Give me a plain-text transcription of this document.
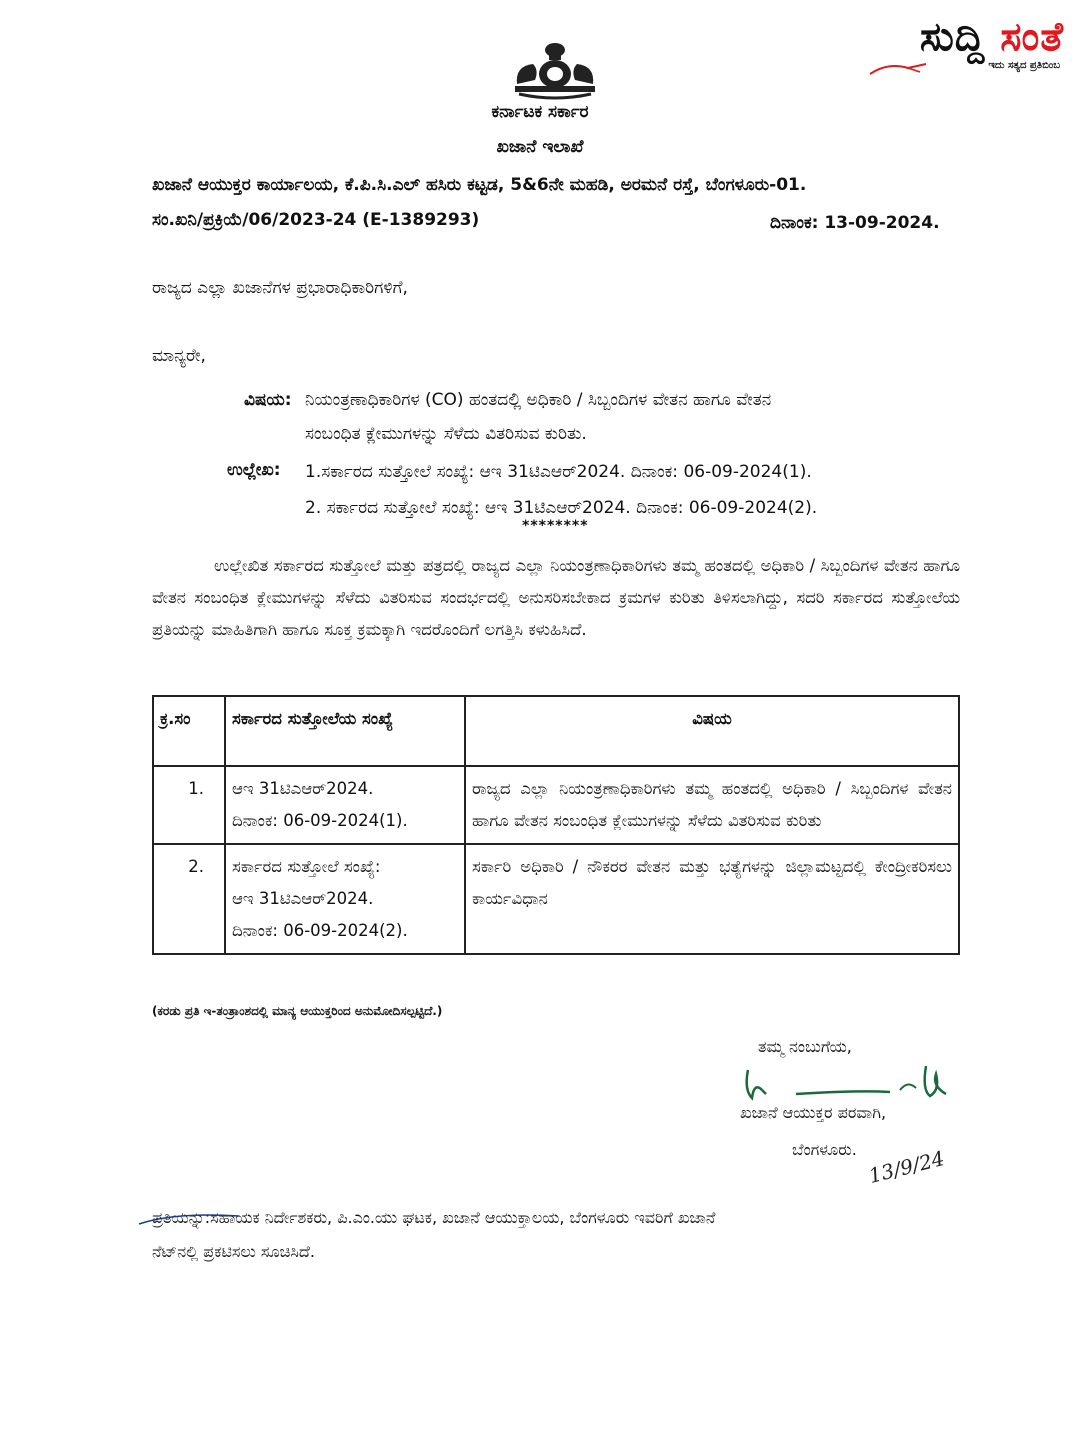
ಸುದ್ದಿ ಸಂತೆ
ಇದು ಸತ್ಯದ ಪ್ರತಿಬಿಂಬ
ಕರ್ನಾಟಕ ಸರ್ಕಾರ
ಖಜಾನೆ ಇಲಾಖೆ
ಖಜಾನೆ ಆಯುಕ್ತರ ಕಾರ್ಯಾಲಯ, ಕೆ.ಪಿ.ಸಿ.ಎಲ್ ಹಸಿರು ಕಟ್ಟಡ, 5&6ನೇ ಮಹಡಿ, ಅರಮನೆ ರಸ್ತೆ, ಬೆಂಗಳೂರು-01.
ಸಂ.ಖನಿ/ಪ್ರಕ್ರಿಯೆ/06/2023-24 (E-1389293)	ದಿನಾಂಕ: 13-09-2024.
ರಾಜ್ಯದ ಎಲ್ಲಾ ಖಜಾನೆಗಳ ಪ್ರಭಾರಾಧಿಕಾರಿಗಳಿಗೆ,
ಮಾನ್ಯರೇ,
ವಿಷಯ: ನಿಯಂತ್ರಣಾಧಿಕಾರಿಗಳ (CO) ಹಂತದಲ್ಲಿ ಅಧಿಕಾರಿ / ಸಿಬ್ಬಂದಿಗಳ ವೇತನ ಹಾಗೂ ವೇತನ
ಸಂಬಂಧಿತ ಕ್ಲೇಮುಗಳನ್ನು ಸೆಳೆದು ವಿತರಿಸುವ ಕುರಿತು.
ಉಲ್ಲೇಖ: 1.ಸರ್ಕಾರದ ಸುತ್ತೋಲೆ ಸಂಖ್ಯೆ: ಆಇ 31ಟಿಎಆರ್2024. ದಿನಾಂಕ: 06-09-2024(1).
2. ಸರ್ಕಾರದ ಸುತ್ತೋಲೆ ಸಂಖ್ಯೆ: ಆಇ 31ಟಿಎಆರ್2024. ದಿನಾಂಕ: 06-09-2024(2).
********
ಉಲ್ಲೇಖಿತ ಸರ್ಕಾರದ ಸುತ್ತೋಲೆ ಮತ್ತು ಪತ್ರದಲ್ಲಿ ರಾಜ್ಯದ ಎಲ್ಲಾ ನಿಯಂತ್ರಣಾಧಿಕಾರಿಗಳು ತಮ್ಮ ಹಂತದಲ್ಲಿ ಅಧಿಕಾರಿ / ಸಿಬ್ಬಂದಿಗಳ ವೇತನ ಹಾಗೂ ವೇತನ ಸಂಬಂಧಿತ ಕ್ಲೇಮುಗಳನ್ನು ಸೆಳೆದು ವಿತರಿಸುವ ಸಂದರ್ಭದಲ್ಲಿ ಅನುಸರಿಸಬೇಕಾದ ಕ್ರಮಗಳ ಕುರಿತು ತಿಳಿಸಲಾಗಿದ್ದು, ಸದರಿ ಸರ್ಕಾರದ ಸುತ್ತೋಲೆಯ ಪ್ರತಿಯನ್ನು ಮಾಹಿತಿಗಾಗಿ ಹಾಗೂ ಸೂಕ್ತ ಕ್ರಮಕ್ಕಾಗಿ ಇದರೊಂದಿಗೆ ಲಗತ್ತಿಸಿ ಕಳುಹಿಸಿದೆ.
ಕ್ರ.ಸಂ	ಸರ್ಕಾರದ ಸುತ್ತೋಲೆಯ ಸಂಖ್ಯೆ	ವಿಷಯ
1.	ಆಇ 31ಟಿಎಆರ್2024.
ದಿನಾಂಕ: 06-09-2024(1).	ರಾಜ್ಯದ ಎಲ್ಲಾ ನಿಯಂತ್ರಣಾಧಿಕಾರಿಗಳು ತಮ್ಮ ಹಂತದಲ್ಲಿ ಅಧಿಕಾರಿ / ಸಿಬ್ಬಂದಿಗಳ ವೇತನ ಹಾಗೂ ವೇತನ ಸಂಬಂಧಿತ ಕ್ಲೇಮುಗಳನ್ನು ಸೆಳೆದು ವಿತರಿಸುವ ಕುರಿತು
2.	ಸರ್ಕಾರದ ಸುತ್ತೋಲೆ ಸಂಖ್ಯೆ:
ಆಇ 31ಟಿಎಆರ್2024.
ದಿನಾಂಕ: 06-09-2024(2).	ಸರ್ಕಾರಿ ಅಧಿಕಾರಿ / ನೌಕರರ ವೇತನ ಮತ್ತು ಭತ್ಯೆಗಳನ್ನು ಜಿಲ್ಲಾಮಟ್ಟದಲ್ಲಿ ಕೇಂದ್ರೀಕರಿಸಲು ಕಾರ್ಯವಿಧಾನ
(ಕರಡು ಪ್ರತಿ ಇ-ತಂತ್ರಾಂಶದಲ್ಲಿ ಮಾನ್ಯ ಆಯುಕ್ತರಿಂದ ಅನುಮೋದಿಸಲ್ಪಟ್ಟಿದೆ.)
ತಮ್ಮ ನಂಬುಗೆಯ,
ಖಜಾನೆ ಆಯುಕ್ತರ ಪರವಾಗಿ,
ಬೆಂಗಳೂರು. 13/9/24
ಪ್ರತಿಯನ್ನು:ಸಹಾಯಕ ನಿರ್ದೇಶಕರು, ಪಿ.ಎಂ.ಯು ಘಟಕ, ಖಜಾನೆ ಆಯುಕ್ತಾಲಯ, ಬೆಂಗಳೂರು ಇವರಿಗೆ ಖಜಾನೆ
ನೆಟ್‌ನಲ್ಲಿ ಪ್ರಕಟಿಸಲು ಸೂಚಿಸಿದೆ.
